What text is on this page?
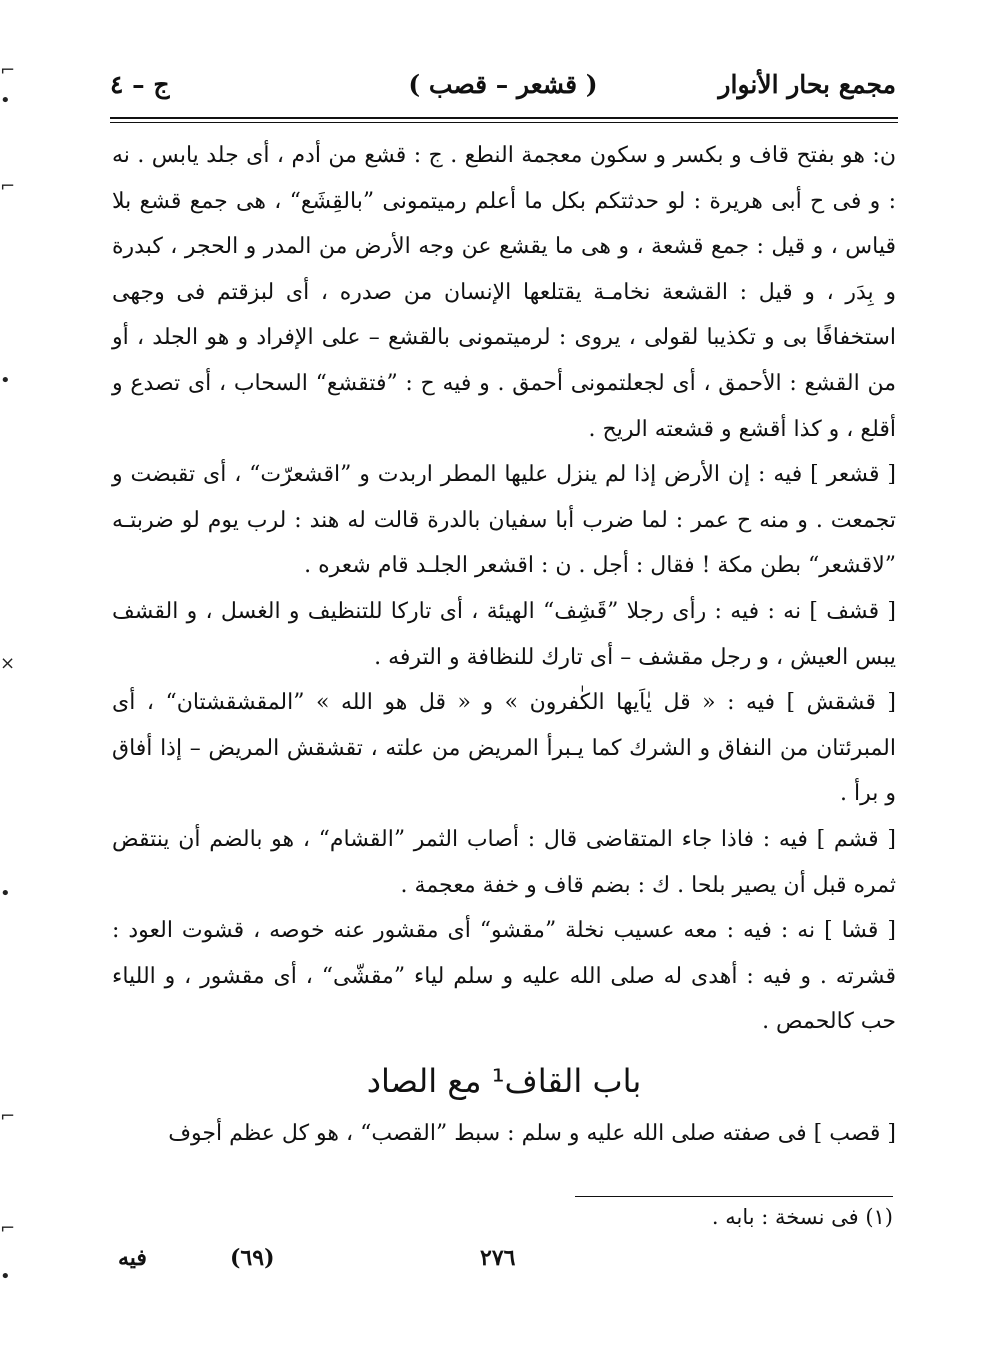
⌐
•
⌐
•
⨯
•
⌐
⌐
•
مجمع بحار الأنوار
( قشعر – قصب )
ج – ٤

ن: هو بفتح قاف و بكسر و سكون معجمة النطع . ج : قشع من أدم ، أى جلد يابس . نه : و فى ح أبى هريرة : لو حدثتكم بكل ما أعلم رميتمونى ”بالقِشَع“ ، هى جمع قشع بلا قياس ، و قيل : جمع قشعة ، و هى ما يقشع عن وجه الأرض من المدر و الحجر ، كبدرة و بِدَر ، و قيل : القشعة نخامـة يقتلعها الإنسان من صدره ، أى لبزقتم فى وجهى استخفافًا بى و تكذيبا لقولى ، يروى : لرميتمونى بالقشع – على الإفراد و هو الجلد ، أو من القشع : الأحمق ، أى لجعلتمونى أحمق . و فيه ح : ”فتقشع“ السحاب ، أى تصدع و أقلع ، و كذا أقشع و قشعته الريح .

[ قشعر ] فيه : إن الأرض إذا لم ينزل عليها المطر اربدت و ”اقشعرّت“ ، أى تقبضت و تجمعت . و منه ح عمر : لما ضرب أبا سفيان بالدرة قالت له هند : لرب يوم لو ضربتـه ”لاقشعر“ بطن مكة ! فقال : أجل . ن : اقشعر الجلـد قام شعره .

[ قشف ] نه : فيه : رأى رجلا ”قَشِف“ الهيئة ، أى تاركا للتنظيف و الغسل ، و القشف يبس العيش ، و رجل مقشف – أى تارك للنظافة و الترفه .

[ قشقش ] فيه : « قل يٰاَيها الكٰفرون » و « قل هو الله » ”المقشقشتان“ ، أى المبرئتان من النفاق و الشرك كما يـبرأ المريض من علته ، تقشقش المريض – إذا أفاق و برأ .

[ قشم ] فيه : فاذا جاء المتقاضى قال : أصاب الثمر ”القشام“ ، هو بالضم أن ينتقض ثمره قبل أن يصير بلحا . ك : بضم قاف و خفة معجمة .

[ قشا ] نه : فيه : معه عسيب نخلة ”مقشو“ أى مقشور عنه خوصه ، قشوت العود : قشرته . و فيه : أهدى له صلى الله عليه و سلم لياء ”مقشّى“ ، أى مقشور ، و اللياء حب كالحمص .

باب القاف¹ مع الصاد

[ قصب ] فى صفته صلى الله عليه و سلم : سبط ”القصب“ ، هو كل عظم أجوف

(١) فى نسخة : بابه .
فيه	(٦٩)	٢٧٦
